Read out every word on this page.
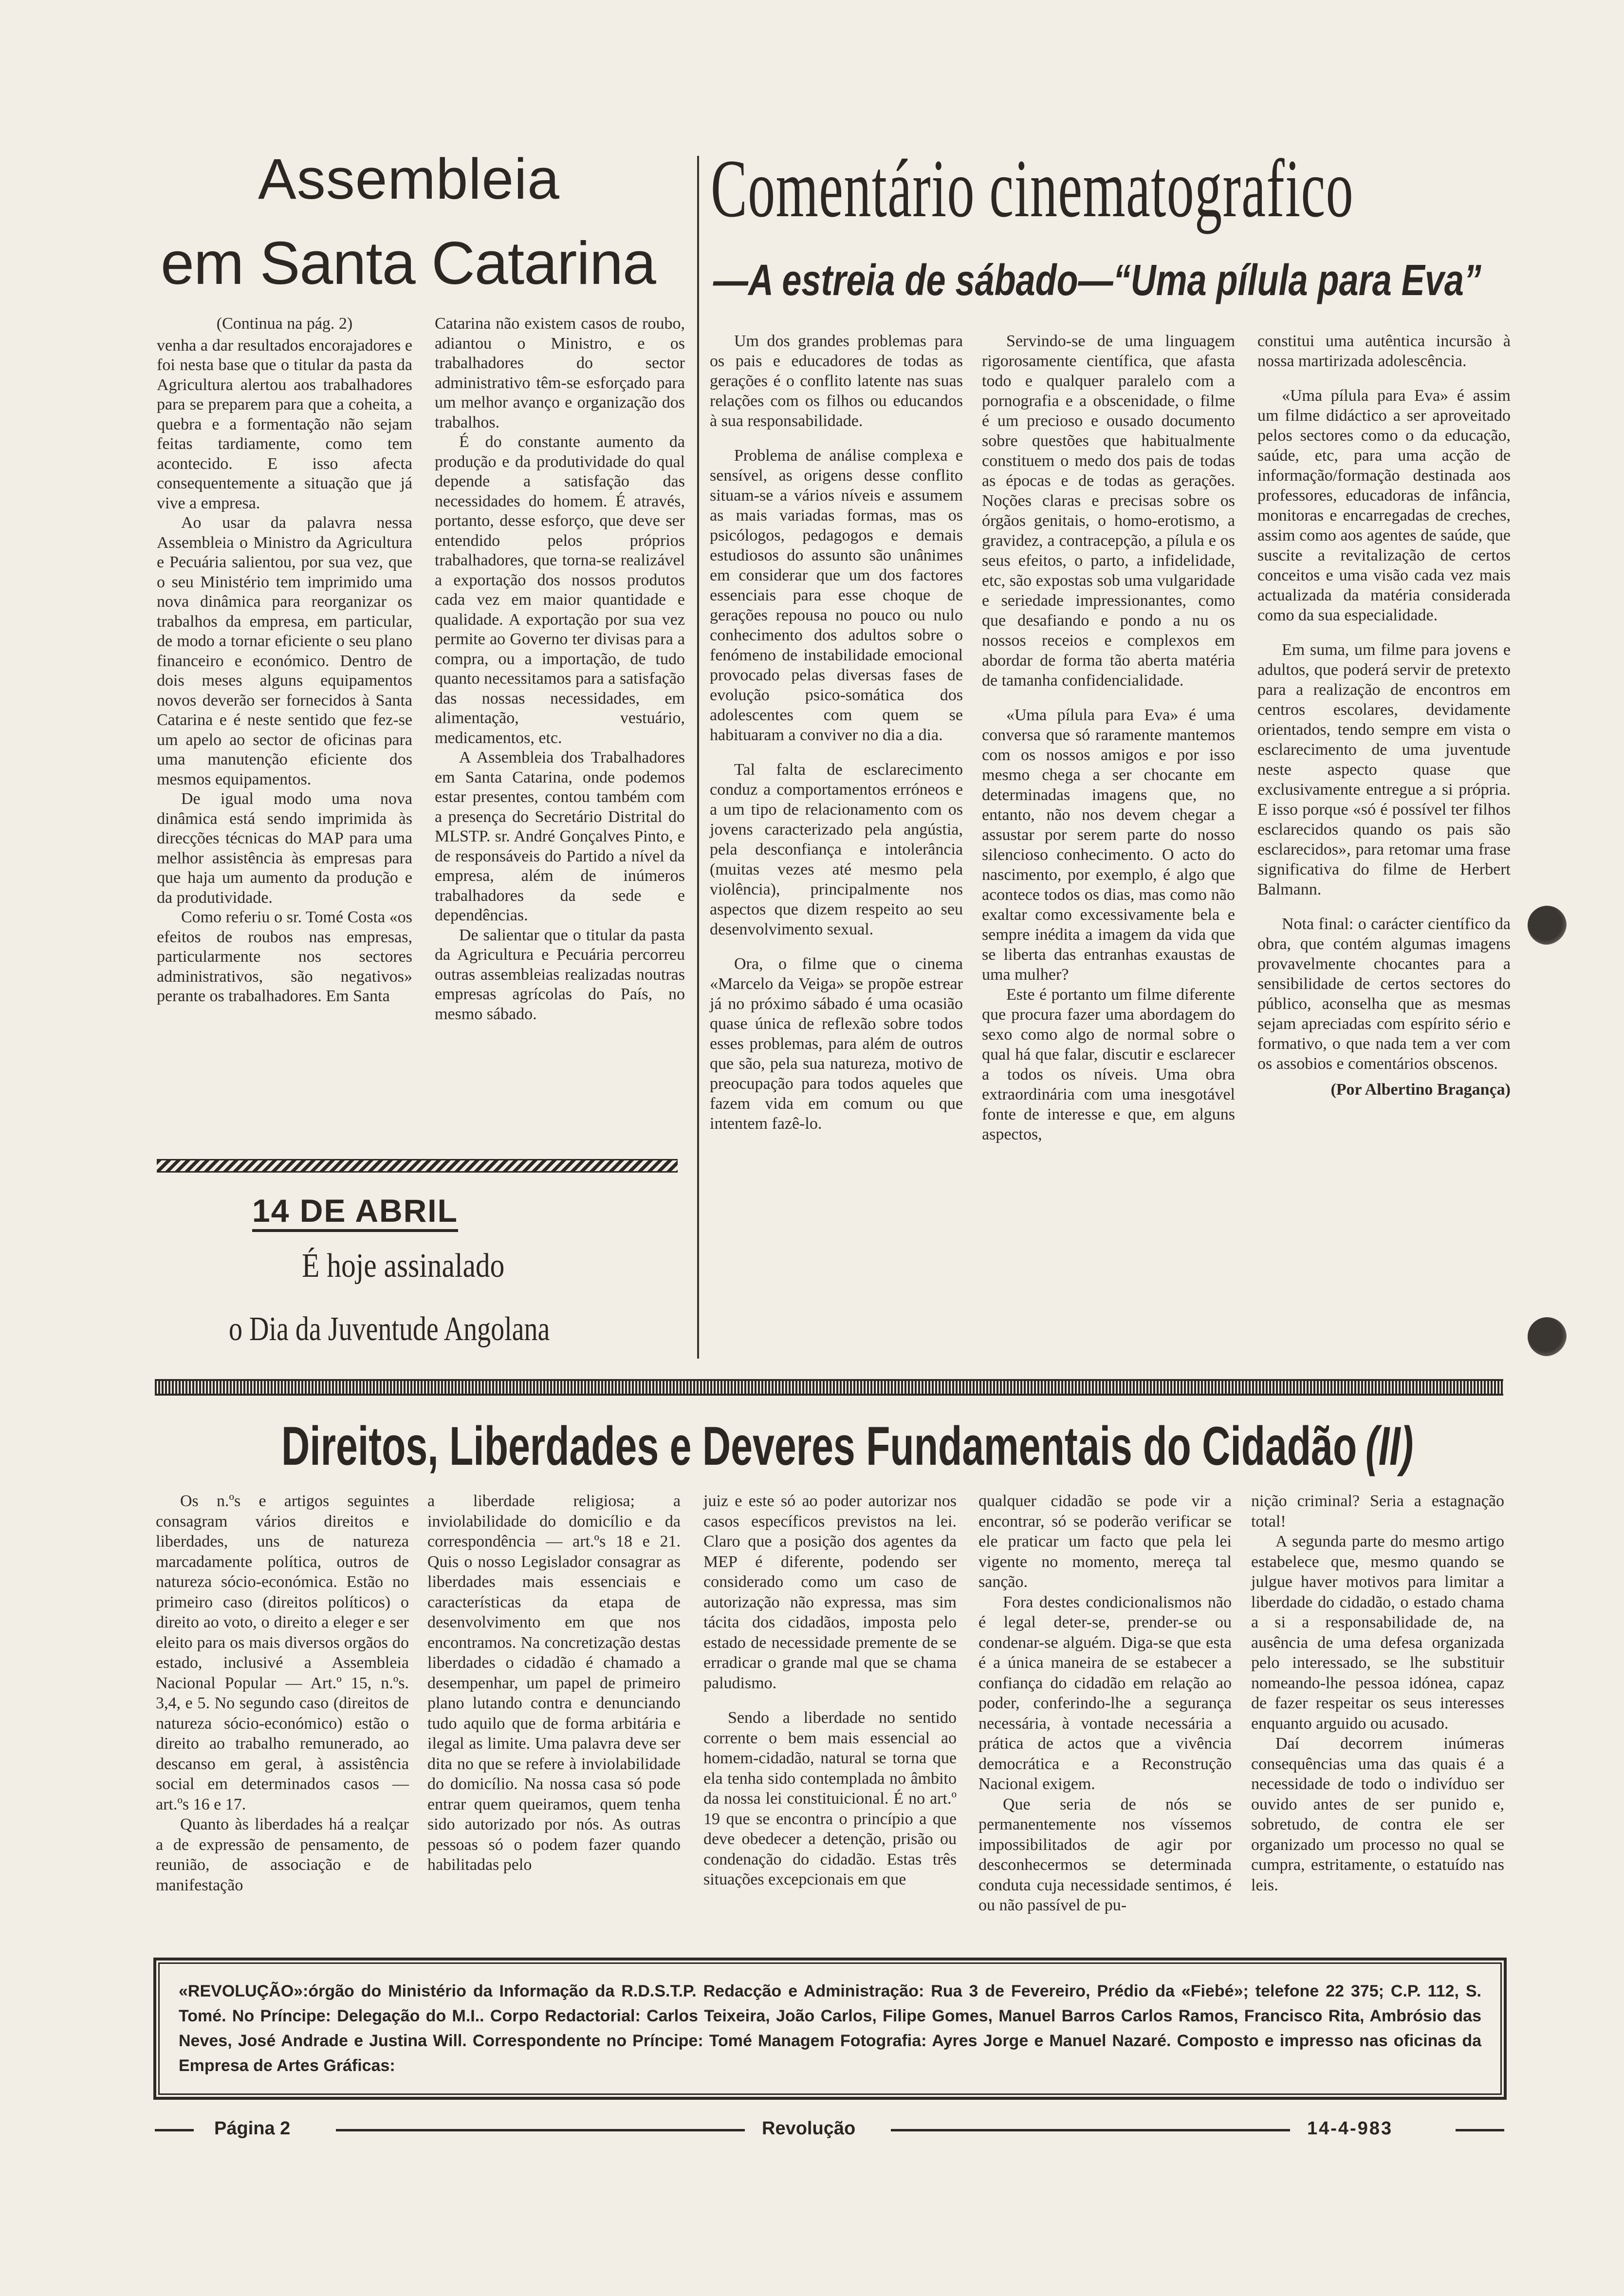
Assembleia
em Santa Catarina
(Continua na pág. 2)

venha a dar resultados encorajadores e foi nesta base que o titular da pasta da Agricultura alertou aos trabalhadores para se preparem para que a coheita, a quebra e a formentação não sejam feitas tardiamente, como tem acontecido. E isso afecta consequentemente a situação que já vive a empresa.

Ao usar da palavra nessa Assembleia o Ministro da Agricultura e Pecuária salientou, por sua vez, que o seu Ministério tem imprimido uma nova dinâmica para reorganizar os trabalhos da empresa, em particular, de modo a tornar eficiente o seu plano financeiro e económico. Dentro de dois meses alguns equipamentos novos deverão ser fornecidos à Santa Catarina e é neste sentido que fez-se um apelo ao sector de oficinas para uma manutenção eficiente dos mesmos equipamentos.

De igual modo uma nova dinâmica está sendo imprimida às direcções técnicas do MAP para uma melhor assistência às empresas para que haja um aumento da produção e da produtividade.

Como referiu o sr. Tomé Costa «os efeitos de roubos nas empresas, particularmente nos sectores administrativos, são negativos» perante os trabalhadores. Em Santa

Catarina não existem casos de roubo, adiantou o Ministro, e os trabalhadores do sector administrativo têm-se esforçado para um melhor avanço e organização dos trabalhos.

É do constante aumento da produção e da produtividade do qual depende a satisfação das necessidades do homem. É através, portanto, desse esforço, que deve ser entendido pelos próprios trabalhadores, que torna-se realizável a exportação dos nossos produtos cada vez em maior quantidade e qualidade. A exportação por sua vez permite ao Governo ter divisas para a compra, ou a importação, de tudo quanto necessitamos para a satisfação das nossas necessidades, em alimentação, vestuário, medicamentos, etc.

A Assembleia dos Trabalhadores em Santa Catarina, onde podemos estar presentes, contou também com a presença do Secretário Distrital do MLSTP. sr. André Gonçalves Pinto, e de responsáveis do Partido a nível da empresa, além de inúmeros trabalhadores da sede e dependências.

De salientar que o titular da pasta da Agricultura e Pecuária percorreu outras assembleias realizadas noutras empresas agrícolas do País, no mesmo sábado.

14 DE ABRIL
É hoje assinalado
o Dia da Juventude Angolana
Comentário cinematografico
—A estreia de sábado—“Uma pílula para Eva”

Um dos grandes problemas para os pais e educadores de todas as gerações é o conflito latente nas suas relações com os filhos ou educandos à sua responsabilidade.

Problema de análise complexa e sensível, as origens desse conflito situam-se a vários níveis e assumem as mais variadas formas, mas os psicólogos, pedagogos e demais estudiosos do assunto são unânimes em considerar que um dos factores essenciais para esse choque de gerações repousa no pouco ou nulo conhecimento dos adultos sobre o fenómeno de instabilidade emocional provocado pelas diversas fases de evolução psico-somática dos adolescentes com quem se habituaram a conviver no dia a dia.

Tal falta de esclarecimento conduz a comportamentos erróneos e a um tipo de relacionamento com os jovens caracterizado pela angústia, pela desconfiança e intolerância (muitas vezes até mesmo pela violência), principalmente nos aspectos que dizem respeito ao seu desenvolvimento sexual.

Ora, o filme que o cinema «Marcelo da Veiga» se propõe estrear já no próximo sábado é uma ocasião quase única de reflexão sobre todos esses problemas, para além de outros que são, pela sua natureza, motivo de preocupação para todos aqueles que fazem vida em comum ou que intentem fazê-lo.

Servindo-se de uma linguagem rigorosamente científica, que afasta todo e qualquer paralelo com a pornografia e a obscenidade, o filme é um precioso e ousado documento sobre questões que habitualmente constituem o medo dos pais de todas as épocas e de todas as gerações. Noções claras e precisas sobre os órgãos genitais, o homo-erotismo, a gravidez, a contracepção, a pílula e os seus efeitos, o parto, a infidelidade, etc, são expostas sob uma vulgaridade e seriedade impressionantes, como que desafiando e pondo a nu os nossos receios e complexos em abordar de forma tão aberta matéria de tamanha confidencialidade.

«Uma pílula para Eva» é uma conversa que só raramente mantemos com os nossos amigos e por isso mesmo chega a ser chocante em determinadas imagens que, no entanto, não nos devem chegar a assustar por serem parte do nosso silencioso conhecimento. O acto do nascimento, por exemplo, é algo que acontece todos os dias, mas como não exaltar como excessivamente bela e sempre inédita a imagem da vida que se liberta das entranhas exaustas de uma mulher?

Este é portanto um filme diferente que procura fazer uma abordagem do sexo como algo de normal sobre o qual há que falar, discutir e esclarecer a todos os níveis. Uma obra extraordinária com uma inesgotável fonte de interesse e que, em alguns aspectos,

constitui uma autêntica incursão à nossa martirizada adolescência.

«Uma pílula para Eva» é assim um filme didáctico a ser aproveitado pelos sectores como o da educação, saúde, etc, para uma acção de informação/formação destinada aos professores, educadoras de infância, monitoras e encarregadas de creches, assim como aos agentes de saúde, que suscite a revitalização de certos conceitos e uma visão cada vez mais actualizada da matéria considerada como da sua especialidade.

Em suma, um filme para jovens e adultos, que poderá servir de pretexto para a realização de encontros em centros escolares, devidamente orientados, tendo sempre em vista o esclarecimento de uma juventude neste aspecto quase que exclusivamente entregue a si própria. E isso porque «só é possível ter filhos esclarecidos quando os pais são esclarecidos», para retomar uma frase significativa do filme de Herbert Balmann.

Nota final: o carácter científico da obra, que contém algumas imagens provavelmente chocantes para a sensibilidade de certos sectores do público, aconselha que as mesmas sejam apreciadas com espírito sério e formativo, o que nada tem a ver com os assobios e comentários obscenos.

(Por Albertino Bragança)
Direitos, Liberdades e Deveres Fundamentais do Cidadão (II)

Os n.ºs e artigos seguintes consagram vários direitos e liberdades, uns de natureza marcadamente política, outros de natureza sócio-económica. Estão no primeiro caso (direitos políticos) o direito ao voto, o direito a eleger e ser eleito para os mais diversos orgãos do estado, inclusivé a Assembleia Nacional Popular — Art.º 15, n.ºs. 3,4, e 5. No segundo caso (direitos de natureza sócio-económico) estão o direito ao trabalho remunerado, ao descanso em geral, à assistência social em determinados casos — art.ºs 16 e 17.

Quanto às liberdades há a realçar a de expressão de pensamento, de reunião, de associação e de manifestação

a liberdade religiosa; a inviolabilidade do domicílio e da correspondência — art.ºs 18 e 21. Quis o nosso Legislador consagrar as liberdades mais essenciais e características da etapa de desenvolvimento em que nos encontramos. Na concretização destas liberdades o cidadão é chamado a desempenhar, um papel de primeiro plano lutando contra e denunciando tudo aquilo que de forma arbitária e ilegal as limite. Uma palavra deve ser dita no que se refere à inviolabilidade do domicílio. Na nossa casa só pode entrar quem queiramos, quem tenha sido autorizado por nós. As outras pessoas só o podem fazer quando habilitadas pelo

juiz e este só ao poder autorizar nos casos específicos previstos na lei. Claro que a posição dos agentes da MEP é diferente, podendo ser considerado como um caso de autorização não expressa, mas sim tácita dos cidadãos, imposta pelo estado de necessidade premente de se erradicar o grande mal que se chama paludismo.

Sendo a liberdade no sentido corrente o bem mais essencial ao homem-cidadão, natural se torna que ela tenha sido contemplada no âmbito da nossa lei constituicional. É no art.º 19 que se encontra o princípio a que deve obedecer a detenção, prisão ou condenação do cidadão. Estas três situações excepcionais em que

qualquer cidadão se pode vir a encontrar, só se poderão verificar se ele praticar um facto que pela lei vigente no momento, mereça tal sanção.

Fora destes condicionalismos não é legal deter-se, prender-se ou condenar-se alguém. Diga-se que esta é a única maneira de se estabecer a confiança do cidadão em relação ao poder, conferindo-lhe a segurança necessária, à vontade necessária a prática de actos que a vivência democrática e a Reconstrução Nacional exigem.

Que seria de nós se permanentemente nos víssemos impossibilitados de agir por desconhecermos se determinada conduta cuja necessidade sentimos, é ou não passível de pu-

nição criminal? Seria a estagnação total!

A segunda parte do mesmo artigo estabelece que, mesmo quando se julgue haver motivos para limitar a liberdade do cidadão, o estado chama a si a responsabilidade de, na ausência de uma defesa organizada pelo interessado, se lhe substituir nomeando-lhe pessoa idónea, capaz de fazer respeitar os seus interesses enquanto arguido ou acusado.

Daí decorrem inúmeras consequências uma das quais é a necessidade de todo o indivíduo ser ouvido antes de ser punido e, sobretudo, de contra ele ser organizado um processo no qual se cumpra, estritamente, o estatuído nas leis.

«REVOLUÇÃO»:órgão do Ministério da Informação da R.D.S.T.P. Redacção e Administração: Rua 3 de Fevereiro, Prédio da «Fiebé»; telefone 22 375; C.P. 112, S. Tomé. No Príncipe: Delegação do M.I.. Corpo Redactorial: Carlos Teixeira, João Carlos, Filipe Gomes, Manuel Barros Carlos Ramos, Francisco Rita, Ambrósio das Neves, José Andrade e Justina Will. Correspondente no Príncipe: Tomé Managem Fotografia: Ayres Jorge e Manuel Nazaré. Composto e impresso nas oficinas da Empresa de Artes Gráficas:
Página 2	Revolução	14-4-983
